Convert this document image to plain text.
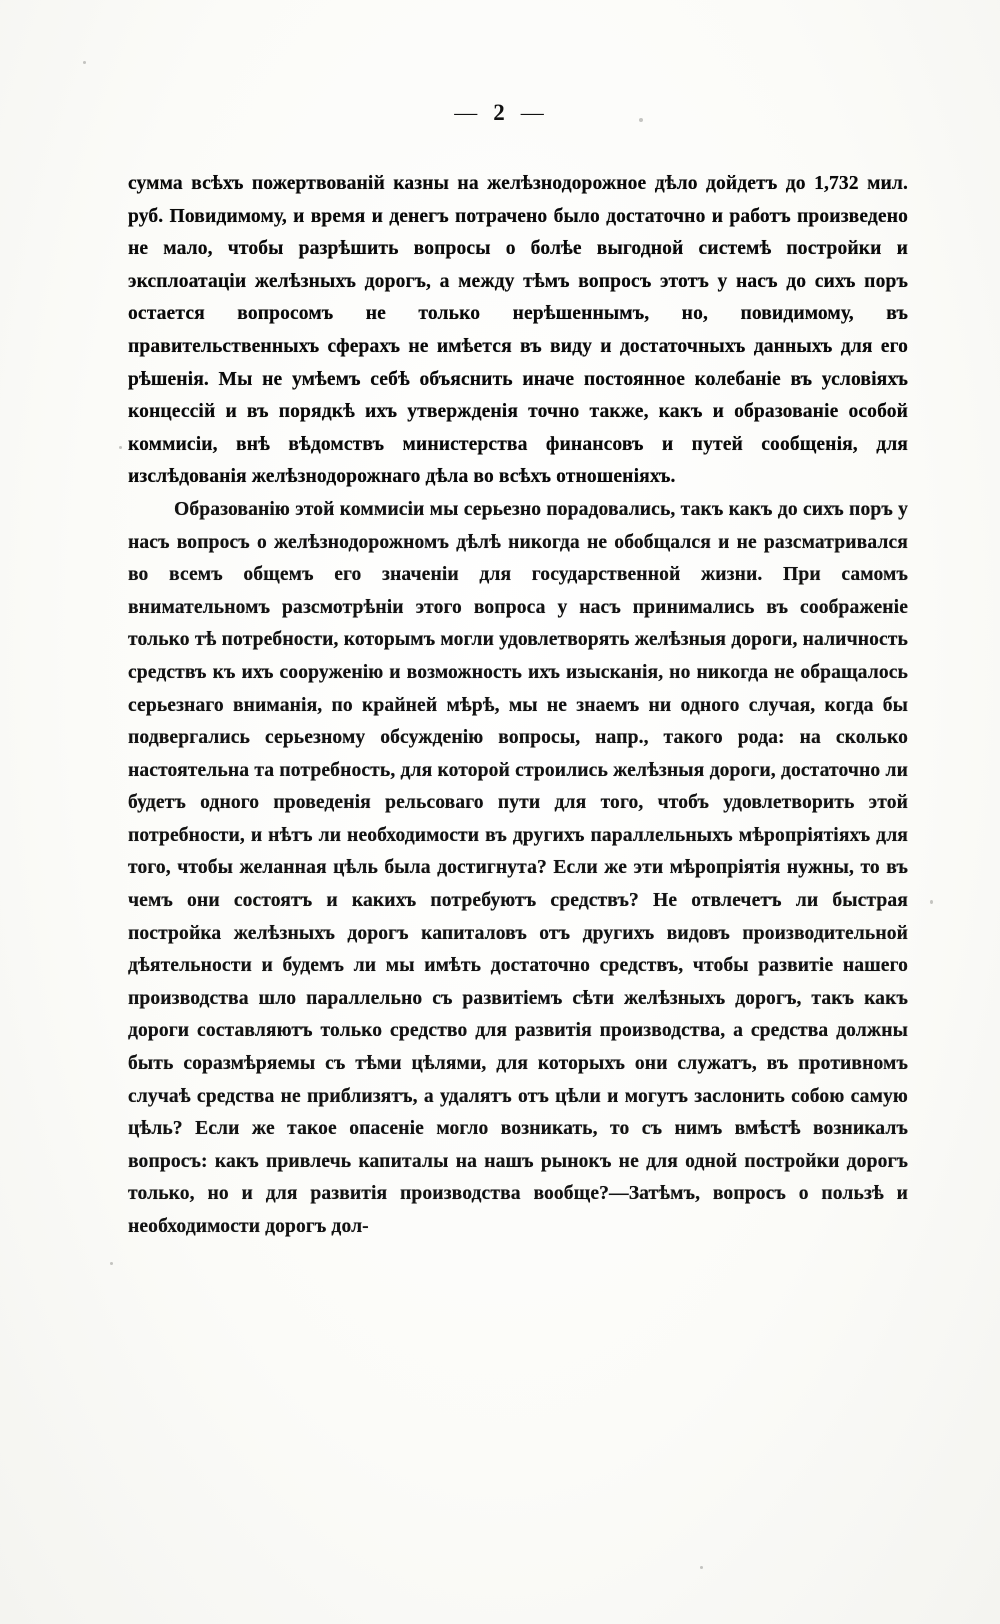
— 2 —

сумма всѣхъ пожертвованій казны на желѣзнодорожное дѣло дойдетъ до 1,732 мил. руб. Повидимому, и время и денегъ потрачено было достаточно и работъ произведено не мало, чтобы разрѣшить вопросы о болѣе выгодной системѣ постройки и эксплоатаціи желѣзныхъ дорогъ, а между тѣмъ вопросъ этотъ у насъ до сихъ поръ остается вопросомъ не только нерѣшеннымъ, но, повидимому, въ правительственныхъ сферахъ не имѣется въ виду и достаточныхъ данныхъ для его рѣшенія. Мы не умѣемъ себѣ объяснить иначе постоянное колебаніе въ условіяхъ концессій и въ порядкѣ ихъ утвержденія точно также, какъ и образованіе особой коммисіи, внѣ вѣдомствъ министерства финансовъ и путей сообщенія, для изслѣдованія желѣзнодорожнаго дѣла во всѣхъ отношеніяхъ.

Образованію этой коммисіи мы серьезно порадовались, такъ какъ до сихъ поръ у насъ вопросъ о желѣзнодорожномъ дѣлѣ никогда не обобщался и не разсматривался во всемъ общемъ его значеніи для государственной жизни. При самомъ внимательномъ разсмотрѣніи этого вопроса у насъ принимались въ соображеніе только тѣ потребности, которымъ могли удовлетворять желѣзныя дороги, наличность средствъ къ ихъ сооруженію и возможность ихъ изысканія, но никогда не обращалось серьезнаго вниманія, по крайней мѣрѣ, мы не знаемъ ни одного случая, когда бы подвергались серьезному обсужденію вопросы, напр., такого рода: на сколько настоятельна та потребность, для которой строились желѣзныя дороги, достаточно ли будетъ одного проведенія рельсоваго пути для того, чтобъ удовлетворить этой потребности, и нѣтъ ли необходимости въ другихъ параллельныхъ мѣропріятіяхъ для того, чтобы желанная цѣль была достигнута? Если же эти мѣропріятія нужны, то въ чемъ они состоятъ и какихъ потребуютъ средствъ? Не отвлечетъ ли быстрая постройка желѣзныхъ дорогъ капиталовъ отъ другихъ видовъ производительной дѣятельности и будемъ ли мы имѣть достаточно средствъ, чтобы развитіе нашего производства шло параллельно съ развитіемъ сѣти желѣзныхъ дорогъ, такъ какъ дороги составляютъ только средство для развитія производства, а средства должны быть соразмѣряемы съ тѣми цѣлями, для которыхъ они служатъ, въ противномъ случаѣ средства не приблизятъ, а удалятъ отъ цѣли и могутъ заслонить собою самую цѣль? Если же такое опасеніе могло возникать, то съ нимъ вмѣстѣ возникалъ вопросъ: какъ привлечь капиталы на нашъ рынокъ не для одной постройки дорогъ только, но и для развитія производства вообще?—Затѣмъ, вопросъ о пользѣ и необходимости дорогъ дол-
